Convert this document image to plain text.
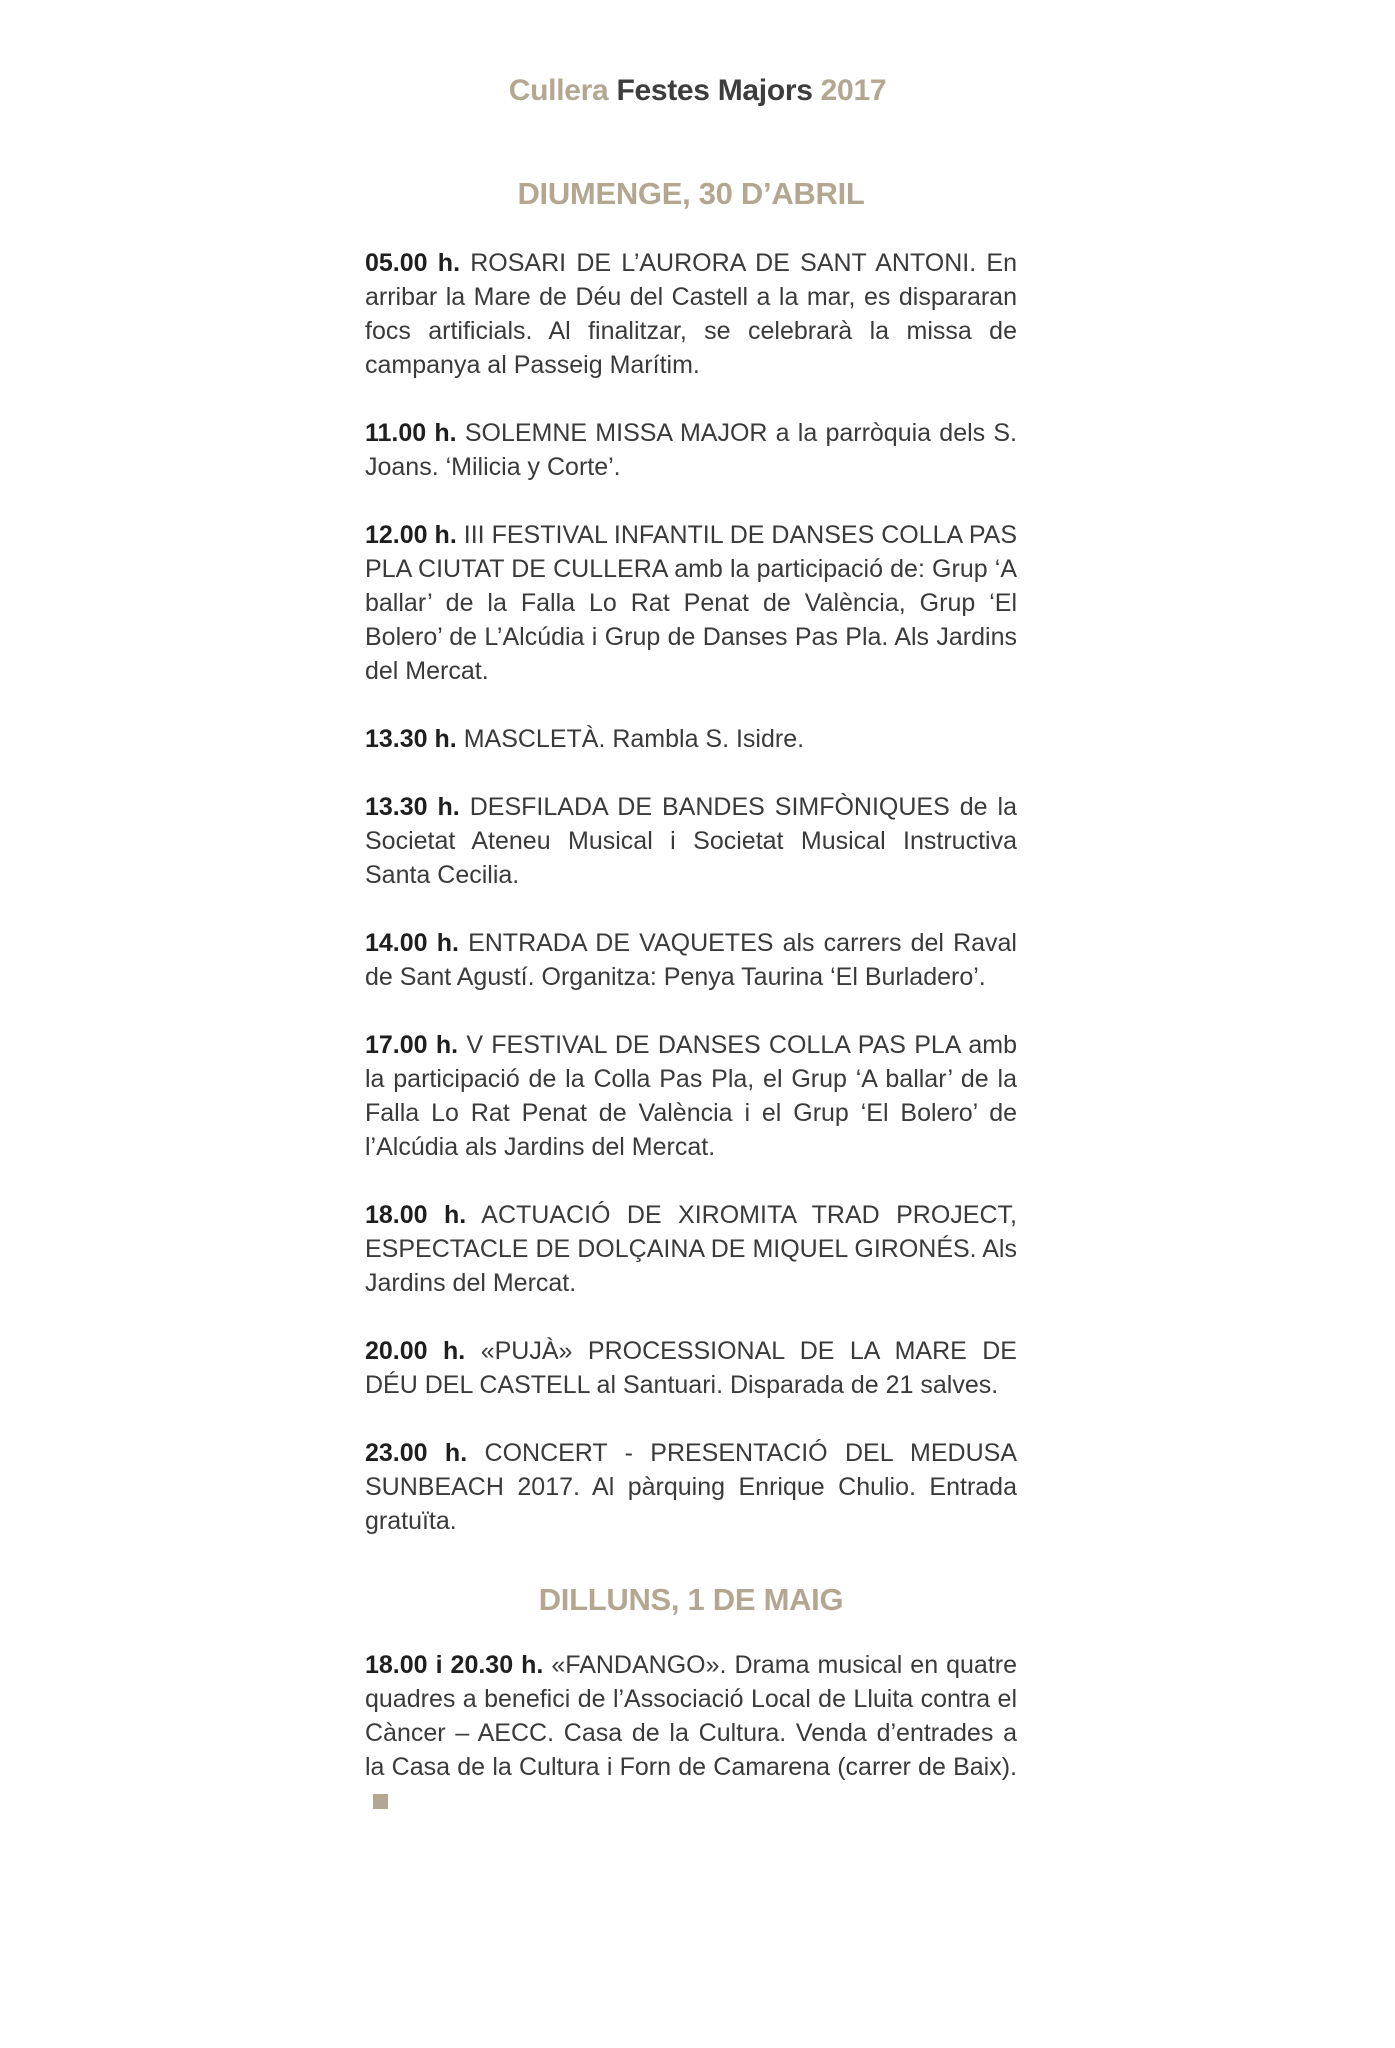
Cullera Festes Majors 2017
DIUMENGE, 30 D’ABRIL

05.00 h. ROSARI DE L’AURORA DE SANT ANTONI. En arribar la Mare de Déu del Castell a la mar, es dispararan focs artificials. Al finalitzar, se celebrarà la missa de campanya al Passeig Marítim.

11.00 h. SOLEMNE MISSA MAJOR a la parròquia dels S. Joans. ‘Milicia y Corte’.

12.00 h. III FESTIVAL INFANTIL DE DANSES COLLA PAS PLA CIUTAT DE CULLERA amb la participació de: Grup ‘A ballar’ de la Falla Lo Rat Penat de València, Grup ‘El Bolero’ de L’Alcúdia i Grup de Danses Pas Pla. Als Jardins del Mercat.

13.30 h. MASCLETÀ. Rambla S. Isidre.

13.30 h. DESFILADA DE BANDES SIMFÒNIQUES de la Societat Ateneu Musical i Societat Musical Instructiva Santa Cecilia.

14.00 h. ENTRADA DE VAQUETES als carrers del Raval de Sant Agustí. Organitza: Penya Taurina ‘El Burladero’.

17.00 h. V FESTIVAL DE DANSES COLLA PAS PLA amb la participació de la Colla Pas Pla, el Grup ‘A ballar’ de la Falla Lo Rat Penat de València i el Grup ‘El Bolero’ de l’Alcúdia als Jardins del Mercat.

18.00 h. ACTUACIÓ DE XIROMITA TRAD PROJECT, ESPECTACLE DE DOLÇAINA DE MIQUEL GIRONÉS. Als Jardins del Mercat.

20.00 h. «PUJÀ» PROCESSIONAL DE LA MARE DE DÉU DEL CASTELL al Santuari. Disparada de 21 salves.

23.00 h. CONCERT - PRESENTACIÓ DEL MEDUSA SUNBEACH 2017. Al pàrquing Enrique Chulio. Entrada gratuïta.

DILLUNS, 1 DE MAIG

18.00 i 20.30 h. «FANDANGO». Drama musical en quatre quadres a benefici de l’Associació Local de Lluita contra el Càncer – AECC. Casa de la Cultura. Venda d’entrades a la Casa de la Cultura i Forn de Camarena (carrer de Baix).
